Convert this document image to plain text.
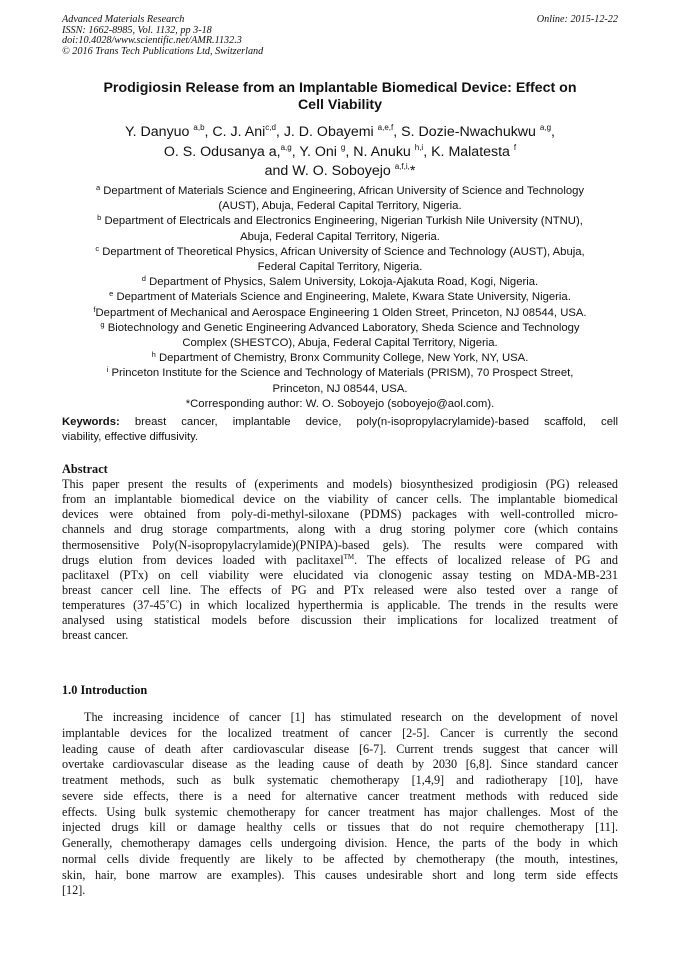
Advanced Materials Research
ISSN: 1662-8985, Vol. 1132, pp 3-18
doi:10.4028/www.scientific.net/AMR.1132.3
© 2016 Trans Tech Publications Ltd, Switzerland
Online: 2015-12-22
Prodigiosin Release from an Implantable Biomedical Device: Effect on
Cell Viability
Y. Danyuo $^{a,b}$, C. J. Ani$^{c,d}$, J. D. Obayemi $^{a,e,f}$, S. Dozie-Nwachukwu $^{a,g}$,
O. S. Odusanya a,$^{a,g}$, Y. Oni $^g$, N. Anuku $^{h,i}$, K. Malatesta $^f$
and W. O. Soboyejo $^{a,f,i,}$*
$^a$ Department of Materials Science and Engineering, African University of Science and Technology
(AUST), Abuja, Federal Capital Territory, Nigeria.
$^b$ Department of Electricals and Electronics Engineering, Nigerian Turkish Nile University (NTNU),
Abuja, Federal Capital Territory, Nigeria.
$^c$ Department of Theoretical Physics, African University of Science and Technology (AUST), Abuja,
Federal Capital Territory, Nigeria.
$^d$ Department of Physics, Salem University, Lokoja-Ajakuta Road, Kogi, Nigeria.
$^e$ Department of Materials Science and Engineering, Malete, Kwara State University, Nigeria.
$^f$Department of Mechanical and Aerospace Engineering 1 Olden Street, Princeton, NJ 08544, USA.
$^g$ Biotechnology and Genetic Engineering Advanced Laboratory, Sheda Science and Technology
Complex (SHESTCO), Abuja, Federal Capital Territory, Nigeria.
$^h$ Department of Chemistry, Bronx Community College, New York, NY, USA.
$^i$ Princeton Institute for the Science and Technology of Materials (PRISM), 70 Prospect Street,
Princeton, NJ 08544, USA.
*Corresponding author: W. O. Soboyejo (soboyejo@aol.com).
Keywords: breast cancer, implantable device, poly(n-isopropylacrylamide)-based scaffold, cell
viability, effective diffusivity.
Abstract
This paper present the results of (experiments and models) biosynthesized prodigiosin (PG) released
from an implantable biomedical device on the viability of cancer cells. The implantable biomedical
devices were obtained from poly-di-methyl-siloxane (PDMS) packages with well-controlled micro-
channels and drug storage compartments, along with a drug storing polymer core (which contains
thermosensitive Poly(N-isopropylacrylamide)(PNIPA)-based gels). The results were compared with
drugs elution from devices loaded with paclitaxel™. The effects of localized release of PG and
paclitaxel (PTx) on cell viability were elucidated via clonogenic assay testing on MDA-MB-231
breast cancer cell line. The effects of PG and PTx released were also tested over a range of
temperatures (37-45˚C) in which localized hyperthermia is applicable. The trends in the results were
analysed using statistical models before discussion their implications for localized treatment of
breast cancer.
1.0 Introduction
The increasing incidence of cancer [1] has stimulated research on the development of novel
implantable devices for the localized treatment of cancer [2-5]. Cancer is currently the second
leading cause of death after cardiovascular disease [6-7]. Current trends suggest that cancer will
overtake cardiovascular disease as the leading cause of death by 2030 [6,8]. Since standard cancer
treatment methods, such as bulk systematic chemotherapy [1,4,9] and radiotherapy [10], have
severe side effects, there is a need for alternative cancer treatment methods with reduced side
effects. Using bulk systemic chemotherapy for cancer treatment has major challenges. Most of the
injected drugs kill or damage healthy cells or tissues that do not require chemotherapy [11].
Generally, chemotherapy damages cells undergoing division. Hence, the parts of the body in which
normal cells divide frequently are likely to be affected by chemotherapy (the mouth, intestines,
skin, hair, bone marrow are examples). This causes undesirable short and long term side effects
[12].
